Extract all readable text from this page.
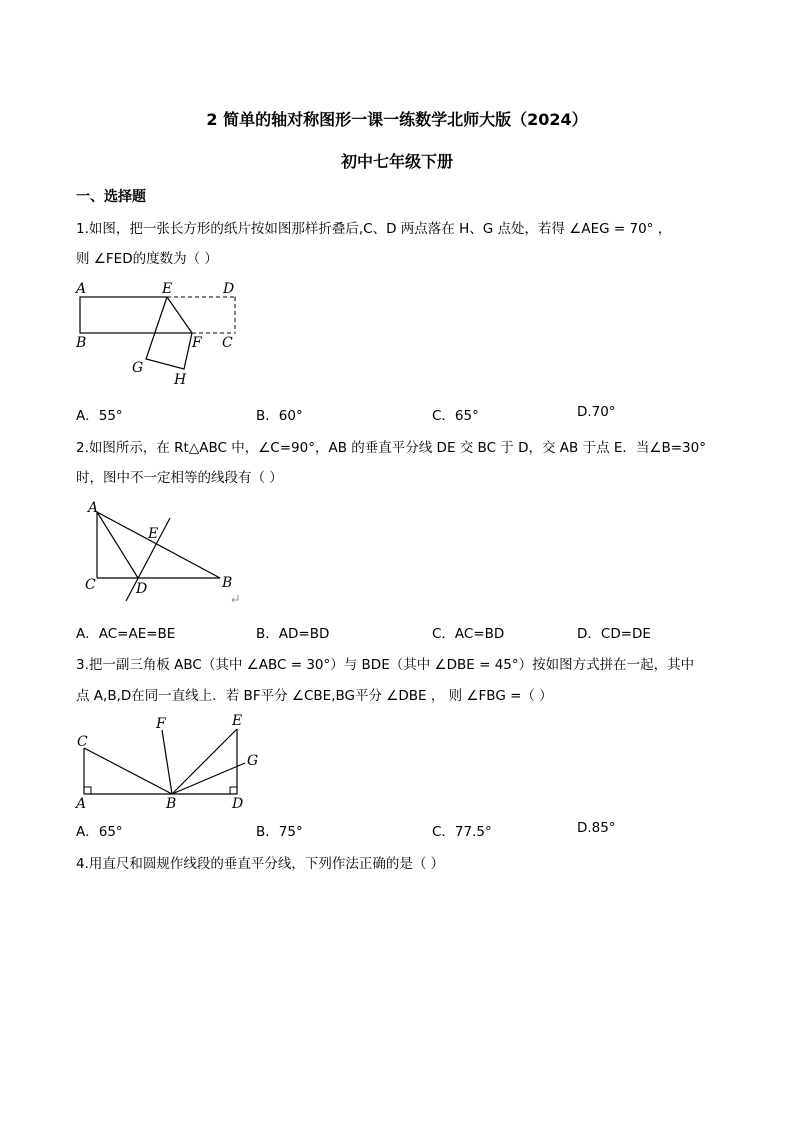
2 简单的轴对称图形一课一练数学北师大版（2024）
初中七年级下册
一、选择题
1.如图，把一张长方形的纸片按如图那样折叠后,C、D 两点落在 H、G 点处，若得 ∠AEG = 70° ，
则 ∠FED的度数为（ ）
A	E	D
B	F C
G
H
A．55°	B．60°	C．65°	D.70°
2.如图所示，在 Rt△ABC 中，∠C=90°，AB 的垂直平分线 DE 交 BC 于 D，交 AB 于点 E．当∠B=30°
时，图中不一定相等的线段有（ ）
A
E
C	D	B
A．AC=AE=BE	B．AD=BD	C．AC=BD	D．CD=DE
3.把一副三角板 ABC（其中 ∠ABC = 30°）与 BDE（其中 ∠DBE = 45°）按如图方式拼在一起，其中
点 A,B,D在同一直线上．若 BF平分 ∠CBE,BG平分 ∠DBE ， 则 ∠FBG =（ ）
F	E
C
G
A	B	D
A．65°	B．75°	C．77.5°	D.85°
4.用直尺和圆规作线段的垂直平分线，下列作法正确的是（ ）
